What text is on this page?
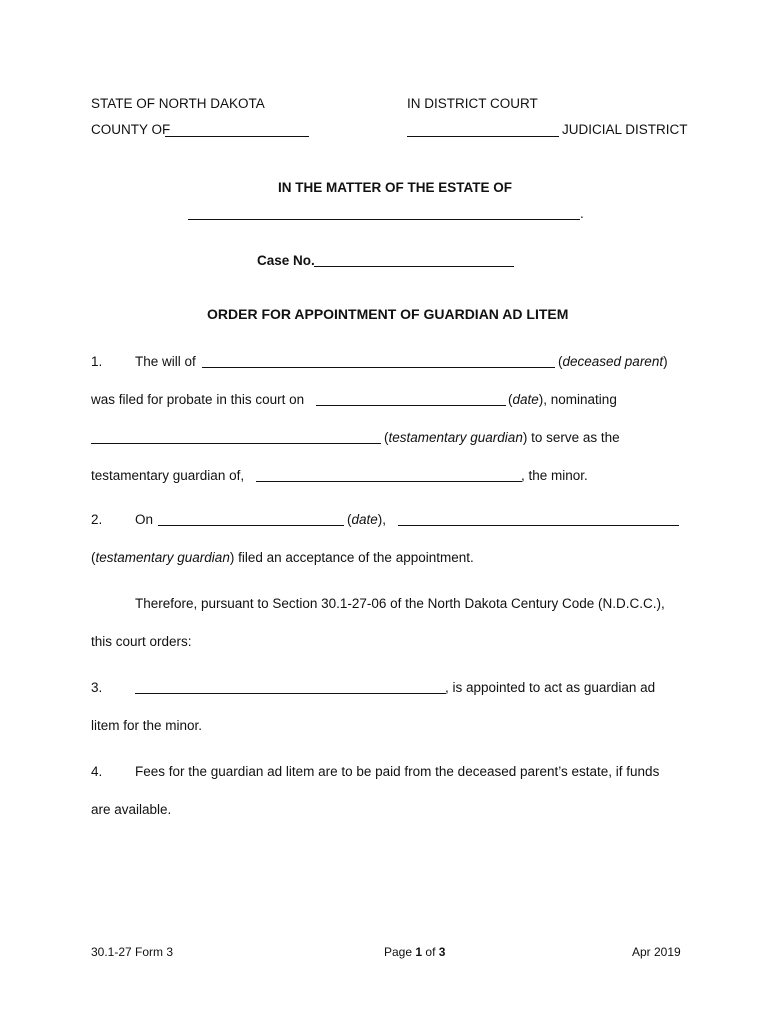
STATE OF NORTH DAKOTA	IN DISTRICT COURT
COUNTY OF	JUDICIAL DISTRICT
IN THE MATTER OF THE ESTATE OF
.
Case No.
ORDER FOR APPOINTMENT OF GUARDIAN AD LITEM
1. The will of	(deceased parent)
was filed for probate in this court on	(date), nominating
(testamentary guardian) to serve as the
testamentary guardian of,	, the minor.
2. On	(date),
(testamentary guardian) filed an acceptance of the appointment.
Therefore, pursuant to Section 30.1-27-06 of the North Dakota Century Code (N.D.C.C.),
this court orders:
3.	, is appointed to act as guardian ad
litem for the minor.
4. Fees for the guardian ad litem are to be paid from the deceased parent’s estate, if funds
are available.
30.1-27 Form 3	Page 1 of 3	Apr 2019
